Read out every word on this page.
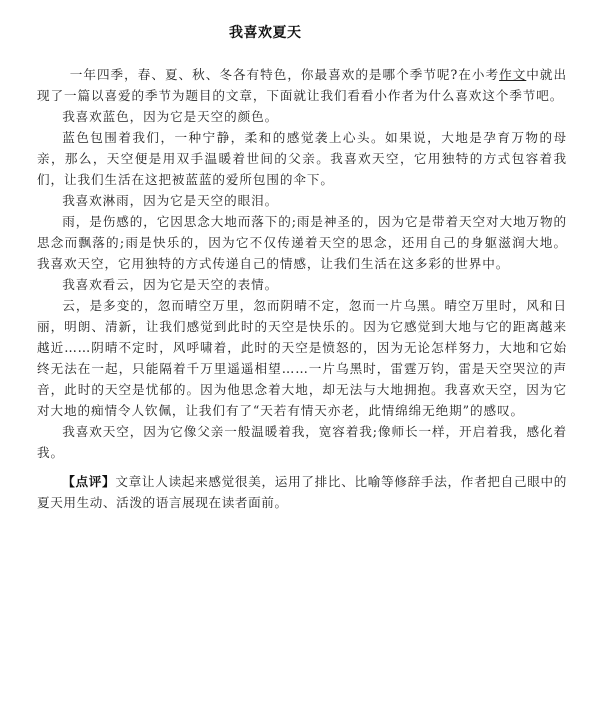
我喜欢夏天

一年四季，春、夏、秋、冬各有特色，你最喜欢的是哪个季节呢?在小考作文中就出现了一篇以喜爱的季节为题目的文章，下面就让我们看看小作者为什么喜欢这个季节吧。

我喜欢蓝色，因为它是天空的颜色。

蓝色包围着我们，一种宁静，柔和的感觉袭上心头。如果说，大地是孕育万物的母亲，那么，天空便是用双手温暖着世间的父亲。我喜欢天空，它用独特的方式包容着我们，让我们生活在这把被蓝蓝的爱所包围的伞下。

我喜欢淋雨，因为它是天空的眼泪。

雨，是伤感的，它因思念大地而落下的;雨是神圣的，因为它是带着天空对大地万物的思念而飘落的;雨是快乐的，因为它不仅传递着天空的思念，还用自己的身躯滋润大地。我喜欢天空，它用独特的方式传递自己的情感，让我们生活在这多彩的世界中。

我喜欢看云，因为它是天空的表情。

云，是多变的，忽而晴空万里，忽而阴晴不定，忽而一片乌黑。晴空万里时，风和日丽，明朗、清新，让我们感觉到此时的天空是快乐的。因为它感觉到大地与它的距离越来越近……阴晴不定时，风呼啸着，此时的天空是愤怒的，因为无论怎样努力，大地和它始终无法在一起，只能隔着千万里遥遥相望……一片乌黑时，雷霆万钧，雷是天空哭泣的声音，此时的天空是忧郁的。因为他思念着大地，却无法与大地拥抱。我喜欢天空，因为它对大地的痴情令人钦佩，让我们有了“天若有情天亦老，此情绵绵无绝期”的感叹。

我喜欢天空，因为它像父亲一般温暖着我，宽容着我;像师长一样，开启着我，感化着我。

【点评】文章让人读起来感觉很美，运用了排比、比喻等修辞手法，作者把自己眼中的夏天用生动、活泼的语言展现在读者面前。
